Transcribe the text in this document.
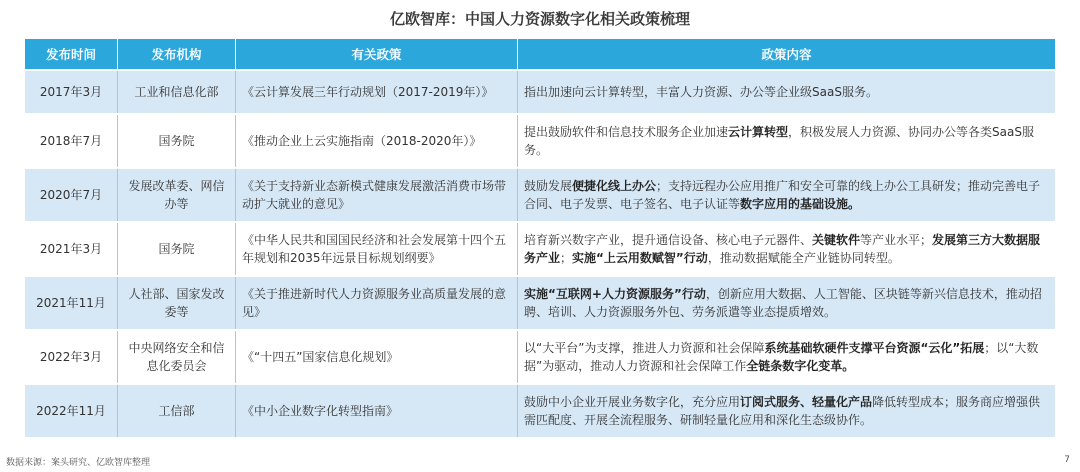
亿欧智库：中国人力资源数字化相关政策梳理
发布时间	发布机构	有关政策	政策内容
2017年3月	工业和信息化部	《云计算发展三年行动规划（2017-2019年）》	指出加速向云计算转型，丰富人力资源、办公等企业级SaaS服务。
2018年7月	国务院	《推动企业上云实施指南（2018-2020年）》	提出鼓励软件和信息技术服务企业加速云计算转型，积极发展人力资源、协同办公等各类SaaS服务。
2020年7月	发展改革委、网信办等	《关于支持新业态新模式健康发展激活消费市场带动扩大就业的意见》	鼓励发展便捷化线上办公；支持远程办公应用推广和安全可靠的线上办公工具研发；推动完善电子合同、电子发票、电子签名、电子认证等数字应用的基础设施。
2021年3月	国务院	《中华人民共和国国民经济和社会发展第十四个五年规划和2035年远景目标规划纲要》	培育新兴数字产业，提升通信设备、核心电子元器件、关键软件等产业水平；发展第三方大数据服务产业；实施“上云用数赋智”行动，推动数据赋能全产业链协同转型。
2021年11月	人社部、国家发改委等	《关于推进新时代人力资源服务业高质量发展的意见》	实施“互联网+人力资源服务”行动，创新应用大数据、人工智能、区块链等新兴信息技术，推动招聘、培训、人力资源服务外包、劳务派遣等业态提质增效。
2022年3月	中央网络安全和信息化委员会	《“十四五”国家信息化规划》	以“大平台”为支撑，推进人力资源和社会保障系统基础软硬件支撑平台资源“云化”拓展；以“大数据”为驱动，推动人力资源和社会保障工作全链条数字化变革。
2022年11月	工信部	《中小企业数字化转型指南》	鼓励中小企业开展业务数字化，充分应用订阅式服务、轻量化产品降低转型成本；服务商应增强供需匹配度、开展全流程服务、研制轻量化应用和深化生态级协作。
数据来源：案头研究、亿欧智库整理	7
